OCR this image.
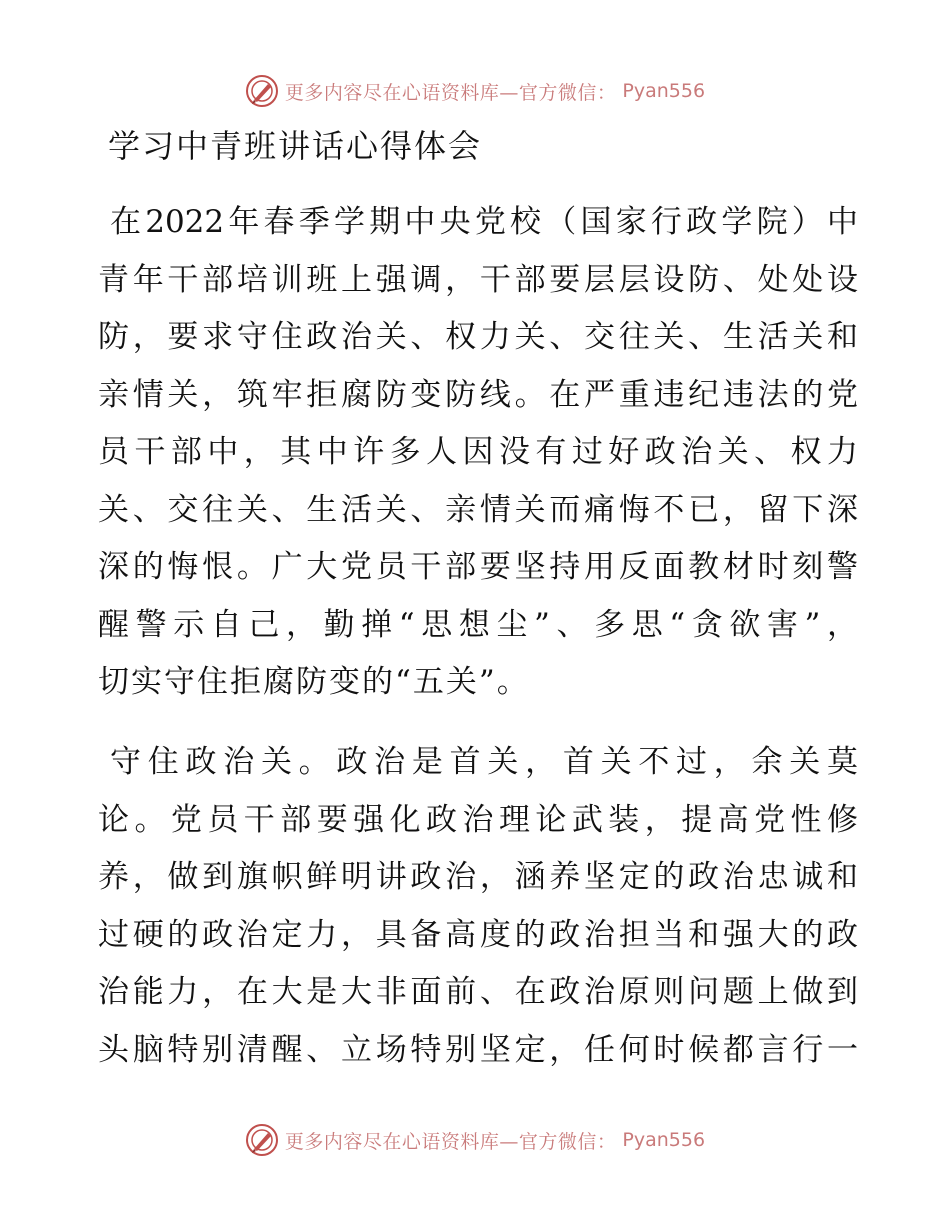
更多内容尽在心语资料库—官方微信： Pyan556
学习中青班讲话心得体会
在2022年春季学期中央党校（国家行政学院）中
青年干部培训班上强调，干部要层层设防、处处设
防，要求守住政治关、权力关、交往关、生活关和
亲情关，筑牢拒腐防变防线。在严重违纪违法的党
员干部中，其中许多人因没有过好政治关、权力
关、交往关、生活关、亲情关而痛悔不已，留下深
深的悔恨。广大党员干部要坚持用反面教材时刻警
醒警示自己，勤掸“思想尘”、多思“贪欲害”，
切实守住拒腐防变的“五关”。
守住政治关。政治是首关，首关不过，余关莫
论。党员干部要强化政治理论武装，提高党性修
养，做到旗帜鲜明讲政治，涵养坚定的政治忠诚和
过硬的政治定力，具备高度的政治担当和强大的政
治能力，在大是大非面前、在政治原则问题上做到
头脑特别清醒、立场特别坚定，任何时候都言行一
更多内容尽在心语资料库—官方微信： Pyan556
